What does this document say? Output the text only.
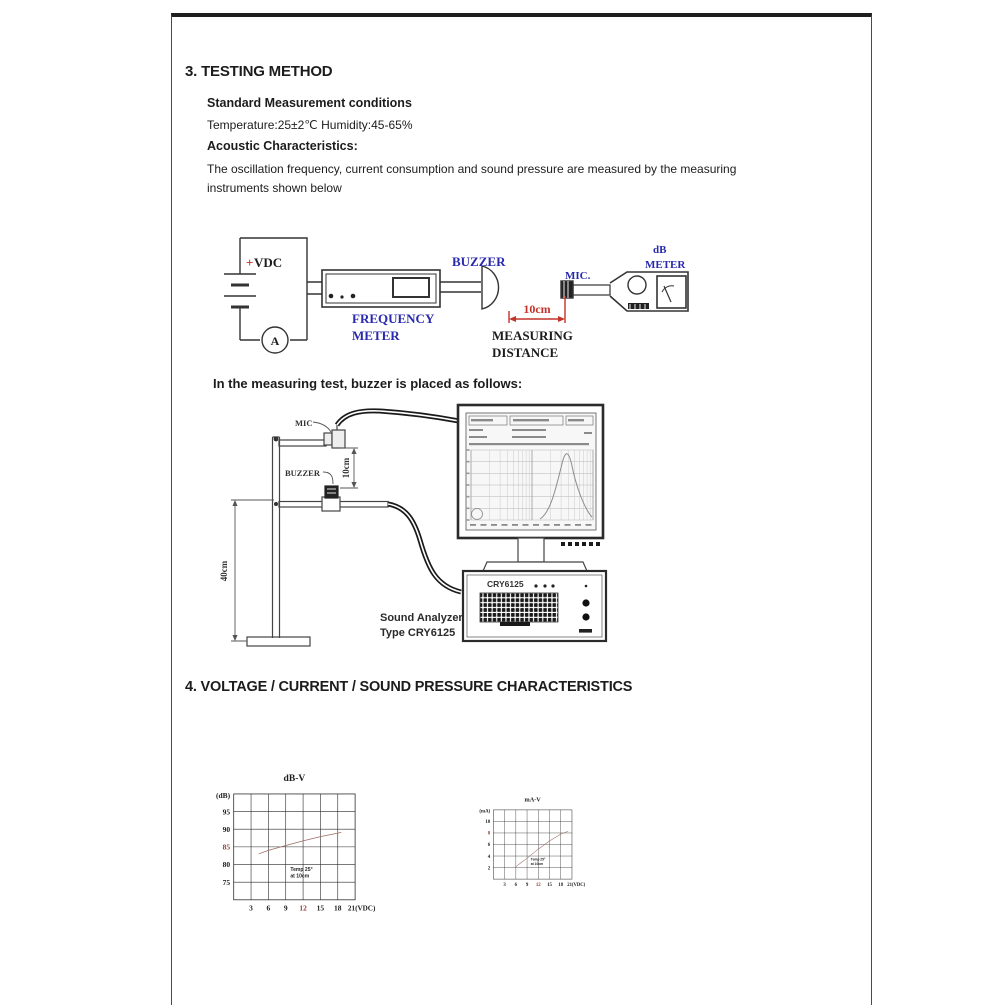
3. TESTING METHOD
Standard Measurement conditions
Temperature:25±2℃ Humidity:45-65%
Acoustic Characteristics:
The oscillation frequency, current consumption and sound pressure are measured by the measuring
instruments shown below
In the measuring test, buzzer is placed as follows:
4. VOLTAGE / CURRENT / SOUND PRESSURE CHARACTERISTICS
+ VDC
A
FREQUENCY
METER
BUZZER
10cm
MEASURING
DISTANCE
MIC.
dB
METER
MIC
BUZZER 10cm
40cm
CRY6125
Sound Analyzer
Type CRY6125
dB-V
(dB)
95
90
85
80
75
3 6 9 12 15 18 21(VDC)
Temp 25°
at 10cm
mA-V
(mA)
10
8
6
4
2
3 6 9 12 15 18 21(VDC)
Temp 25°
at 10cm
